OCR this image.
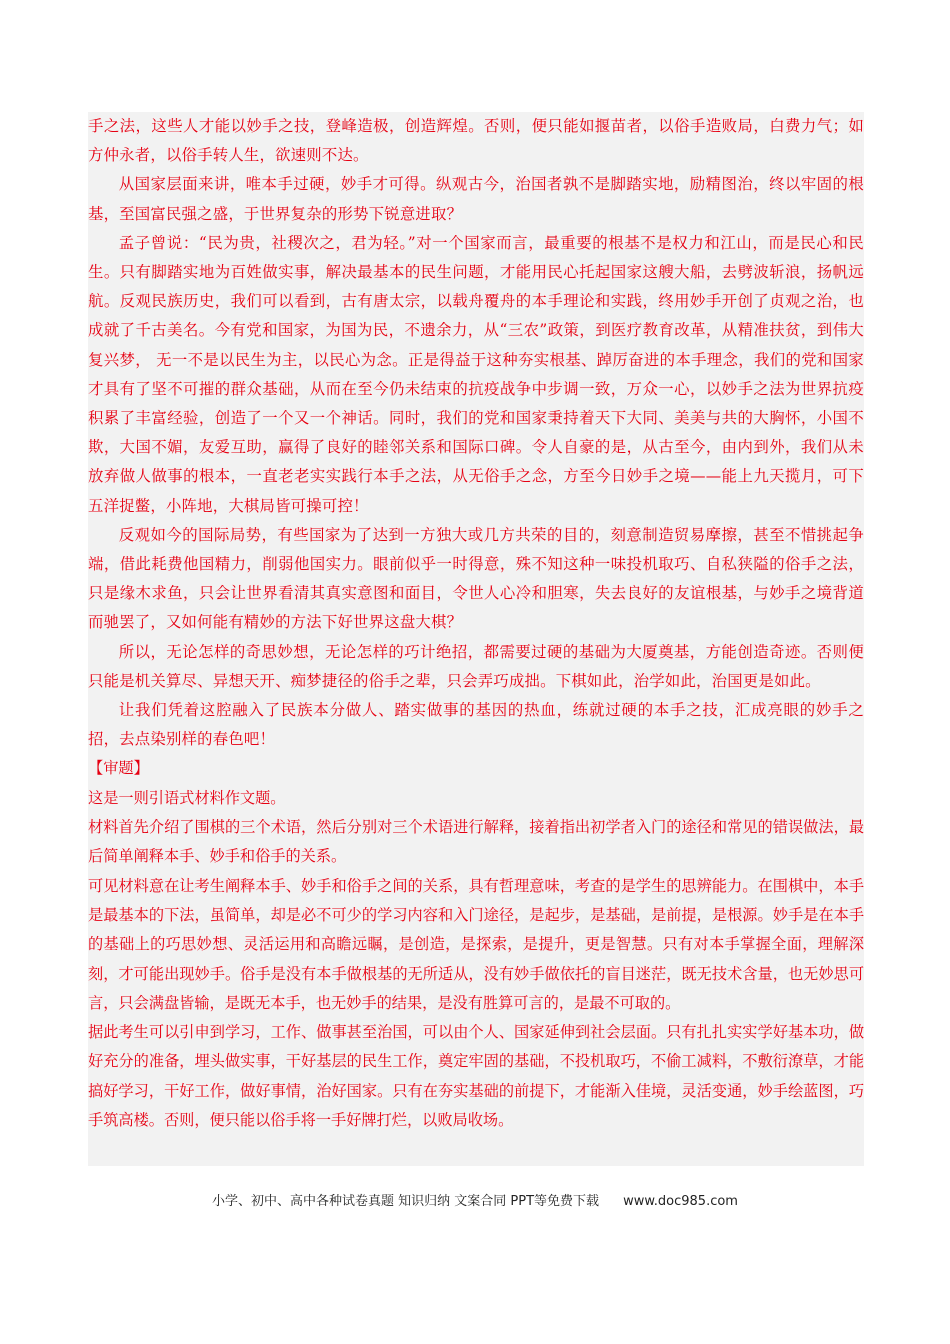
手之法，这些人才能以妙手之技，登峰造极，创造辉煌。否则，便只能如揠苗者，以俗手造败局，白费力气；如方仲永者，以俗手转人生，欲速则不达。

从国家层面来讲，唯本手过硬，妙手才可得。纵观古今，治国者孰不是脚踏实地，励精图治，终以牢固的根基，至国富民强之盛，于世界复杂的形势下锐意进取？

孟子曾说：“民为贵，社稷次之，君为轻。”对一个国家而言，最重要的根基不是权力和江山，而是民心和民生。只有脚踏实地为百姓做实事，解决最基本的民生问题，才能用民心托起国家这艘大船，去劈波斩浪，扬帆远航。反观民族历史，我们可以看到，古有唐太宗，以载舟覆舟的本手理论和实践，终用妙手开创了贞观之治，也成就了千古美名。今有党和国家，为国为民，不遗余力，从“三农”政策，到医疗教育改革，从精准扶贫，到伟大复兴梦， 无一不是以民生为主，以民心为念。正是得益于这种夯实根基、踔厉奋进的本手理念，我们的党和国家才具有了坚不可摧的群众基础，从而在至今仍未结束的抗疫战争中步调一致，万众一心，以妙手之法为世界抗疫积累了丰富经验，创造了一个又一个神话。同时，我们的党和国家秉持着天下大同、美美与共的大胸怀，小国不欺，大国不媚，友爱互助，赢得了良好的睦邻关系和国际口碑。令人自豪的是，从古至今，由内到外，我们从未放弃做人做事的根本，一直老老实实践行本手之法，从无俗手之念，方至今日妙手之境——能上九天揽月，可下五洋捉鳖，小阵地，大棋局皆可操可控！

反观如今的国际局势，有些国家为了达到一方独大或几方共荣的目的，刻意制造贸易摩擦，甚至不惜挑起争端，借此耗费他国精力，削弱他国实力。眼前似乎一时得意，殊不知这种一味投机取巧、自私狭隘的俗手之法，只是缘木求鱼，只会让世界看清其真实意图和面目，令世人心冷和胆寒，失去良好的友谊根基，与妙手之境背道而驰罢了，又如何能有精妙的方法下好世界这盘大棋？

所以，无论怎样的奇思妙想，无论怎样的巧计绝招，都需要过硬的基础为大厦奠基，方能创造奇迹。否则便只能是机关算尽、异想天开、痴梦捷径的俗手之辈，只会弄巧成拙。下棋如此，治学如此，治国更是如此。

让我们凭着这腔融入了民族本分做人、踏实做事的基因的热血，练就过硬的本手之技，汇成亮眼的妙手之招，去点染别样的春色吧！

【审题】

这是一则引语式材料作文题。

材料首先介绍了围棋的三个术语，然后分别对三个术语进行解释，接着指出初学者入门的途径和常见的错误做法，最后简单阐释本手、妙手和俗手的关系。

可见材料意在让考生阐释本手、妙手和俗手之间的关系，具有哲理意味，考查的是学生的思辨能力。在围棋中，本手是最基本的下法，虽简单，却是必不可少的学习内容和入门途径，是起步，是基础，是前提，是根源。妙手是在本手的基础上的巧思妙想、灵活运用和高瞻远瞩，是创造，是探索，是提升，更是智慧。只有对本手掌握全面，理解深刻，才可能出现妙手。俗手是没有本手做根基的无所适从，没有妙手做依托的盲目迷茫，既无技术含量，也无妙思可言，只会满盘皆输，是既无本手，也无妙手的结果，是没有胜算可言的，是最不可取的。

据此考生可以引申到学习，工作、做事甚至治国，可以由个人、国家延伸到社会层面。只有扎扎实实学好基本功，做好充分的准备，埋头做实事，干好基层的民生工作，奠定牢固的基础，不投机取巧，不偷工减料，不敷衍潦草，才能搞好学习，干好工作，做好事情，治好国家。只有在夯实基础的前提下，才能渐入佳境，灵活变通，妙手绘蓝图，巧手筑高楼。否则，便只能以俗手将一手好牌打烂，以败局收场。

小学、初中、高中各种试卷真题 知识归纳 文案合同 PPT等免费下载 www.doc985.com
